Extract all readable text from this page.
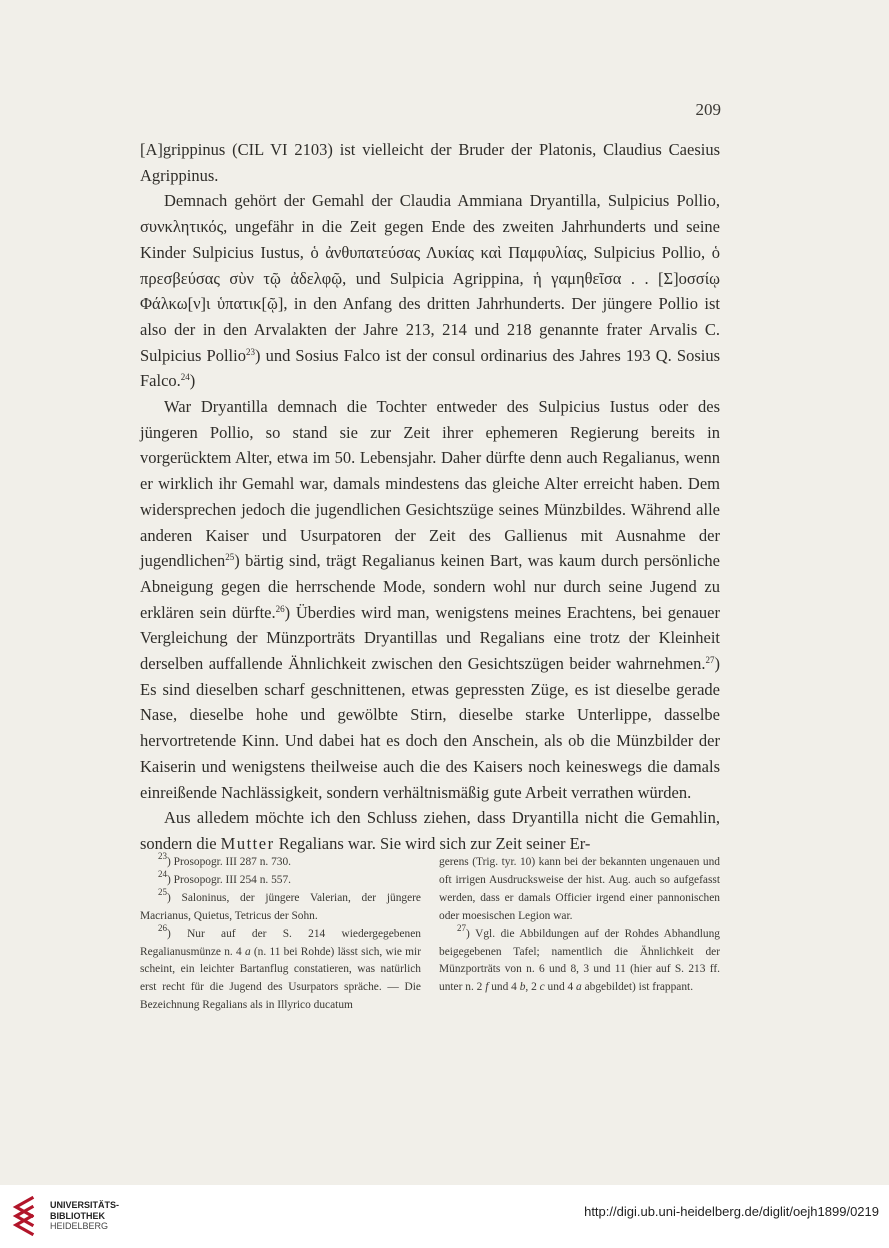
209

[A]grippinus (CIL VI 2103) ist vielleicht der Bruder der Platonis, Claudius Caesius Agrippinus.

Demnach gehört der Gemahl der Claudia Ammiana Dryantilla, Sulpicius Pollio, συνκλητικός, ungefähr in die Zeit gegen Ende des zweiten Jahrhunderts und seine Kinder Sulpicius Iustus, ὁ ἀνθυπατεύσας Λυκίας καὶ Παμφυλίας, Sulpicius Pollio, ὁ πρεσβεύσας σὺν τῷ ἀδελφῷ, und Sulpicia Agrippina, ἡ γαμηθεῖσα . . [Σ]οσσίῳ Φάλκω[ν]ι ὑπατικ[ῷ], in den Anfang des dritten Jahrhunderts. Der jüngere Pollio ist also der in den Arvalakten der Jahre 213, 214 und 218 genannte frater Arvalis C. Sulpicius Pollio$^{23}$) und Sosius Falco ist der consul ordinarius des Jahres 193 Q. Sosius Falco.$^{24}$)

War Dryantilla demnach die Tochter entweder des Sulpicius Iustus oder des jüngeren Pollio, so stand sie zur Zeit ihrer ephemeren Regierung bereits in vorgerücktem Alter, etwa im 50. Lebensjahr. Daher dürfte denn auch Regalianus, wenn er wirklich ihr Gemahl war, damals mindestens das gleiche Alter erreicht haben. Dem widersprechen jedoch die jugendlichen Gesichtszüge seines Münzbildes. Während alle anderen Kaiser und Usurpatoren der Zeit des Gallienus mit Ausnahme der jugendlichen$^{25}$) bärtig sind, trägt Regalianus keinen Bart, was kaum durch persönliche Abneigung gegen die herrschende Mode, sondern wohl nur durch seine Jugend zu erklären sein dürfte.$^{26}$) Überdies wird man, wenigstens meines Erachtens, bei genauer Vergleichung der Münzporträts Dryantillas und Regalians eine trotz der Kleinheit derselben auffallende Ähnlichkeit zwischen den Gesichtszügen beider wahrnehmen.$^{27}$) Es sind dieselben scharf geschnittenen, etwas gepressten Züge, es ist dieselbe gerade Nase, dieselbe hohe und gewölbte Stirn, dieselbe starke Unterlippe, dasselbe hervortretende Kinn. Und dabei hat es doch den Anschein, als ob die Münzbilder der Kaiserin und wenigstens theilweise auch die des Kaisers noch keineswegs die damals einreißende Nachlässigkeit, sondern verhältnismäßig gute Arbeit verrathen würden.

Aus alledem möchte ich den Schluss ziehen, dass Dryantilla nicht die Gemahlin, sondern die Mutter Regalians war. Sie wird sich zur Zeit seiner Er-

$^{23}$) Prosopogr. III 287 n. 730.

$^{24}$) Prosopogr. III 254 n. 557.

$^{25}$) Saloninus, der jüngere Valerian, der jüngere Macrianus, Quietus, Tetricus der Sohn.

$^{26}$) Nur auf der S. 214 wiedergegebenen Regalianusmünze n. 4 a (n. 11 bei Rohde) lässt sich, wie mir scheint, ein leichter Bartanflug constatieren, was natürlich erst recht für die Jugend des Usurpators spräche. — Die Bezeichnung Regalians als in Illyrico ducatum

gerens (Trig. tyr. 10) kann bei der bekannten ungenauen und oft irrigen Ausdrucksweise der hist. Aug. auch so aufgefasst werden, dass er damals Officier irgend einer pannonischen oder moesischen Legion war.

$^{27}$) Vgl. die Abbildungen auf der Rohdes Abhandlung beigegebenen Tafel; namentlich die Ähnlichkeit der Münzporträts von n. 6 und 8, 3 und 11 (hier auf S. 213 ff. unter n. 2 f und 4 b, 2 c und 4 a abgebildet) ist frappant.

UNIVERSITÄTS-
BIBLIOTHEK
HEIDELBERG
http://digi.ub.uni-heidelberg.de/diglit/oejh1899/0219
